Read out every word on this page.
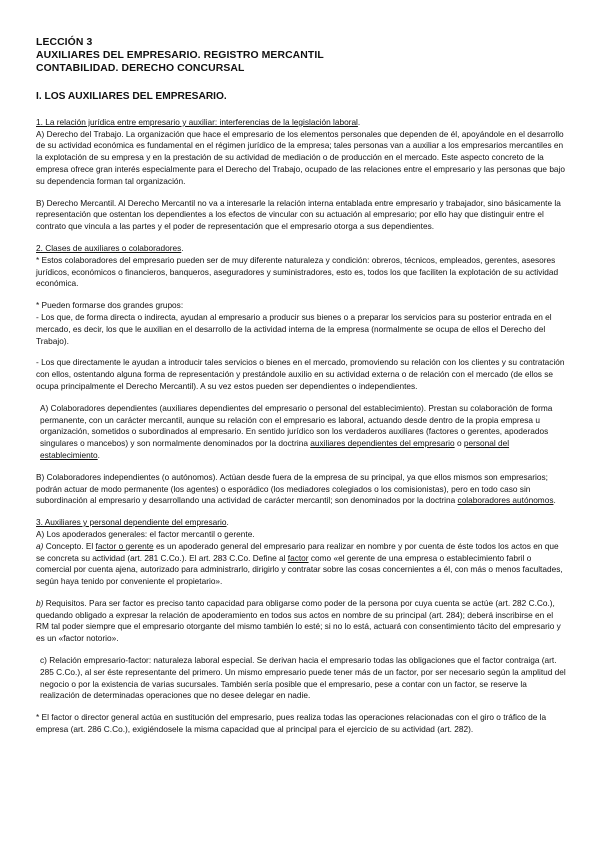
LECCIÓN 3
AUXILIARES DEL EMPRESARIO. REGISTRO MERCANTIL
CONTABILIDAD. DERECHO CONCURSAL
I. LOS AUXILIARES DEL EMPRESARIO.

1. La relación jurídica entre empresario y auxiliar: interferencias de la legislación laboral.

A) Derecho del Trabajo. La organización que hace el empresario de los elementos personales que dependen de él, apoyándole en el desarrollo de su actividad económica es fundamental en el régimen jurídico de la empresa; tales personas van a auxiliar a los empresarios mercantiles en la explotación de su empresa y en la prestación de su actividad de mediación o de producción en el mercado. Este aspecto concreto de la empresa ofrece gran interés especialmente para el Derecho del Trabajo, ocupado de las relaciones entre el empresario y las personas que bajo su dependencia forman tal organización.

B) Derecho Mercantil. Al Derecho Mercantil no va a interesarle la relación interna entablada entre empresario y trabajador, sino básicamente la representación que ostentan los dependientes a los efectos de vincular con su actuación al empresario; por ello hay que distinguir entre el contrato que vincula a las partes y el poder de representación que el empresario otorga a sus dependientes.

2. Clases de auxiliares o colaboradores.

* Estos colaboradores del empresario pueden ser de muy diferente naturaleza y condición: obreros, técnicos, empleados, gerentes, asesores jurídicos, económicos o financieros, banqueros, aseguradores y suministradores, esto es, todos los que faciliten la explotación de su actividad económica.

* Pueden formarse dos grandes grupos:

- Los que, de forma directa o indirecta, ayudan al empresario a producir sus bienes o a preparar los servicios para su posterior entrada en el mercado, es decir, los que le auxilian en el desarrollo de la actividad interna de la empresa (normalmente se ocupa de ellos el Derecho del Trabajo).

- Los que directamente le ayudan a introducir tales servicios o bienes en el mercado, promoviendo su relación con los clientes y su contratación con ellos, ostentando alguna forma de representación y prestándole auxilio en su actividad externa o de relación con el mercado (de ellos se ocupa principalmente el Derecho Mercantil). A su vez estos pueden ser dependientes o independientes.

A) Colaboradores dependientes (auxiliares dependientes del empresario o personal del establecimiento). Prestan su colaboración de forma permanente, con un carácter mercantil, aunque su relación con el empresario es laboral, actuando desde dentro de la propia empresa u organización, sometidos o subordinados al empresario. En sentido jurídico son los verdaderos auxiliares (factores o gerentes, apoderados singulares o mancebos) y son normalmente denominados por la doctrina auxiliares dependientes del empresario o personal del establecimiento.

B) Colaboradores independientes (o autónomos). Actúan desde fuera de la empresa de su principal, ya que ellos mismos son empresarios; podrán actuar de modo permanente (los agentes) o esporádico (los mediadores colegiados o los comisionistas), pero en todo caso sin subordinación al empresario y desarrollando una actividad de carácter mercantil; son denominados por la doctrina colaboradores autónomos.

3. Auxiliares y personal dependiente del empresario.

A) Los apoderados generales: el factor mercantil o gerente.

a) Concepto. El factor o gerente es un apoderado general del empresario para realizar en nombre y por cuenta de éste todos los actos en que se concreta su actividad (art. 281 C.Co.). El art. 283 C.Co. Define al factor como «el gerente de una empresa o establecimiento fabril o comercial por cuenta ajena, autorizado para administrarlo, dirigirlo y contratar sobre las cosas concernientes a él, con más o menos facultades, según haya tenido por conveniente el propietario».

b) Requisitos. Para ser factor es preciso tanto capacidad para obligarse como poder de la persona por cuya cuenta se actúe (art. 282 C.Co.), quedando obligado a expresar la relación de apoderamiento en todos sus actos en nombre de su principal (art. 284); deberá inscribirse en el RM tal poder siempre que el empresario otorgante del mismo también lo esté; si no lo está, actuará con consentimiento tácito del empresario y es un «factor notorio».

c) Relación empresario-factor: naturaleza laboral especial. Se derivan hacia el empresario todas las obligaciones que el factor contraiga (art. 285 C.Co.), al ser éste representante del primero. Un mismo empresario puede tener más de un factor, por ser necesario según la amplitud del negocio o por la existencia de varias sucursales. También sería posible que el empresario, pese a contar con un factor, se reserve la realización de determinadas operaciones que no desee delegar en nadie.

* El factor o director general actúa en sustitución del empresario, pues realiza todas las operaciones relacionadas con el giro o tráfico de la empresa (art. 286 C.Co.), exigiéndosele la misma capacidad que al principal para el ejercicio de su actividad (art. 282).
